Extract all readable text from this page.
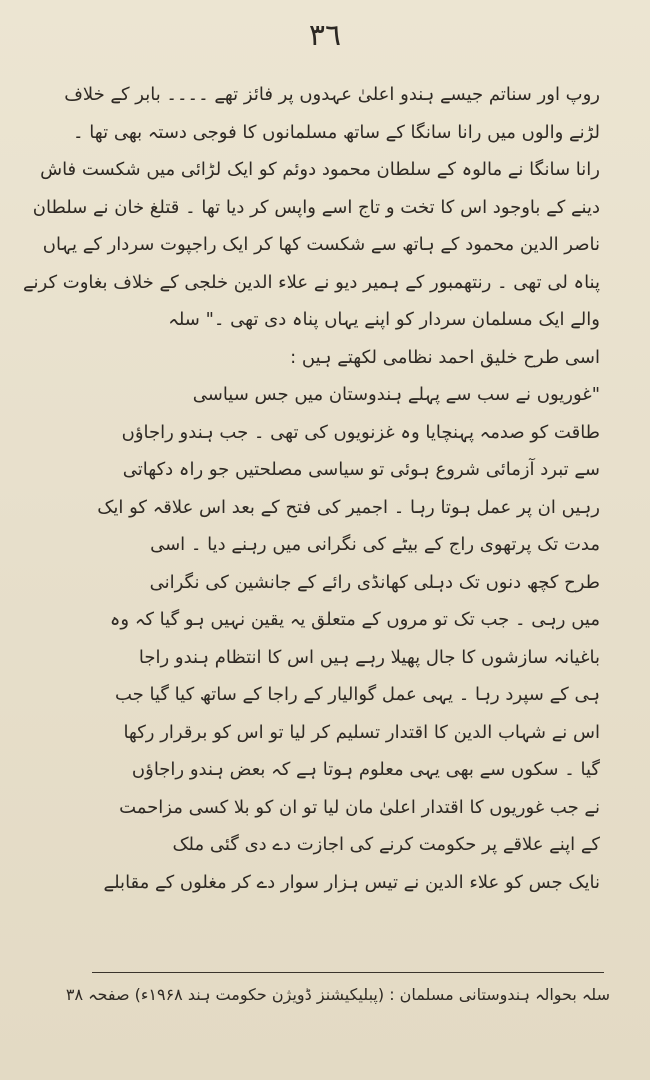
٣٦
روپ اور سناتم جیسے ہندو اعلیٰ عہدوں پر فائز تھے ۔۔۔۔ بابر کے خلاف
لڑنے والوں میں رانا سانگا کے ساتھ مسلمانوں کا فوجی دستہ بھی تھا ۔
رانا سانگا نے مالوہ کے سلطان محمود دوئم کو ایک لڑائی میں شکست فاش
دینے کے باوجود اس کا تخت و تاج اسے واپس کر دیا تھا ۔ قتلغ خان نے سلطان
ناصر الدین محمود کے ہاتھ سے شکست کھا کر ایک راجپوت سردار کے یہاں
پناہ لی تھی ۔ رنتھمبور کے ہمیر دیو نے علاء الدین خلجی کے خلاف بغاوت کرنے
والے ایک مسلمان سردار کو اپنے یہاں پناہ دی تھی ۔" سلہ
اسی طرح خلیق احمد نظامی لکھتے ہیں :
"غوریوں نے سب سے پہلے ہندوستان میں جس سیاسی
طاقت کو صدمہ پہنچایا وہ غزنویوں کی تھی ۔ جب ہندو راجاؤں
سے تبرد آزمائی شروع ہوئی تو سیاسی مصلحتیں جو راہ دکھاتی
رہیں ان پر عمل ہوتا رہا ۔ اجمیر کی فتح کے بعد اس علاقہ کو ایک
مدت تک پرتھوی راج کے بیٹے کی نگرانی میں رہنے دیا ۔ اسی
طرح کچھ دنوں تک دہلی کھانڈی رائے کے جانشین کی نگرانی
میں رہی ۔ جب تک تو مروں کے متعلق یہ یقین نہیں ہو گیا کہ وہ
باغیانہ سازشوں کا جال پھیلا رہے ہیں اس کا انتظام ہندو راجا
ہی کے سپرد رہا ۔ یہی عمل گوالیار کے راجا کے ساتھ کیا گیا جب
اس نے شہاب الدین کا اقتدار تسلیم کر لیا تو اس کو برقرار رکھا
گیا ۔ سکوں سے بھی یہی معلوم ہوتا ہے کہ بعض ہندو راجاؤں
نے جب غوریوں کا اقتدار اعلیٰ مان لیا تو ان کو بلا کسی مزاحمت
کے اپنے علاقے پر حکومت کرنے کی اجازت دے دی گئی ملک
نایک جس کو علاء الدین نے تیس ہزار سوار دے کر مغلوں کے مقابلے
سلہ بحوالہ ہندوستانی مسلمان : (پبلیکیشنز ڈویژن حکومت ہند ۱۹۶۸ء) صفحہ ۳۸
